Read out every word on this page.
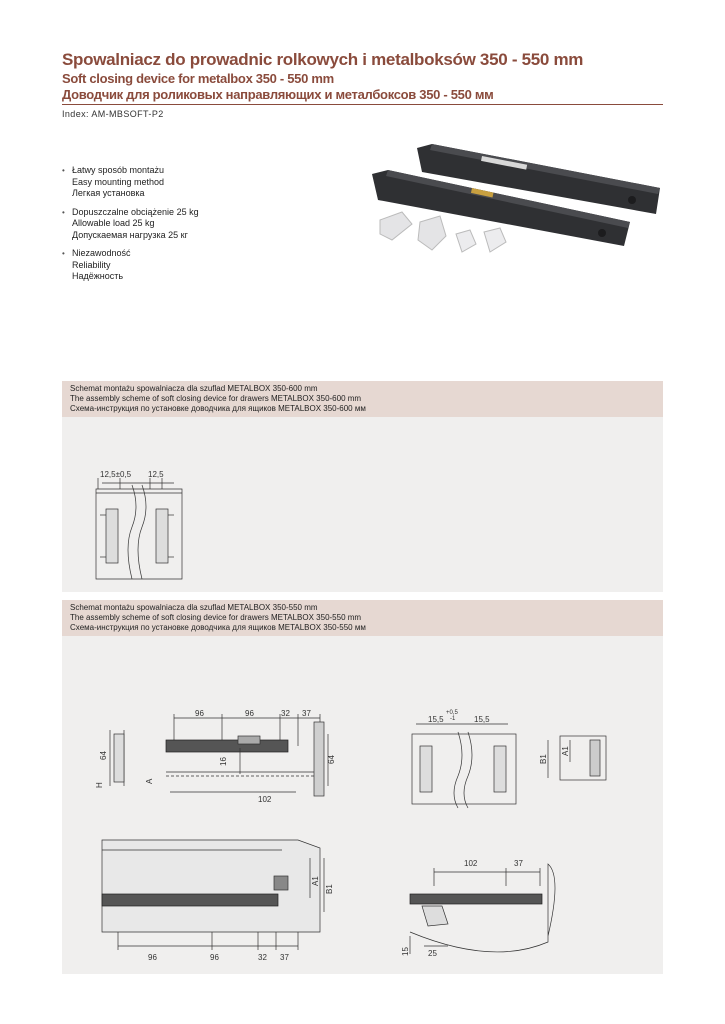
Spowalniacz do prowadnic rolkowych i metalboksów 350 - 550 mm
Soft closing device for metalbox 350 - 550 mm
Доводчик для роликовых направляющих и металбоксов 350 - 550 мм
Index: AM-MBSOFT-P2
• Łatwy sposób montażu
Easy mounting method
Легкая установка
• Dopuszczalne obciążenie 25 kg
Allowable load 25 kg
Допускаемая нагрузка 25 кг
• Niezawodność
Reliability
Надёжность
Schemat montażu spowalniacza dla szuflad METALBOX 350-600 mm
The assembly scheme of soft closing device for drawers METALBOX 350-600 mm
Схема-инструкция по установке доводчика для ящиков METALBOX 350-600 мм
12,5±0,5 12,5
Schemat montażu spowalniacza dla szuflad METALBOX 350-550 mm
The assembly scheme of soft closing device for drawers METALBOX 350-550 mm
Схема-инструкция по установке доводчика для ящиков METALBOX 350-550 мм
96	96	32 37
64	64
16
H
A
102
15,5
+0,5
-1 15,5
B1
A1
96	96	32 37
A1
B1
102	37
15 25
